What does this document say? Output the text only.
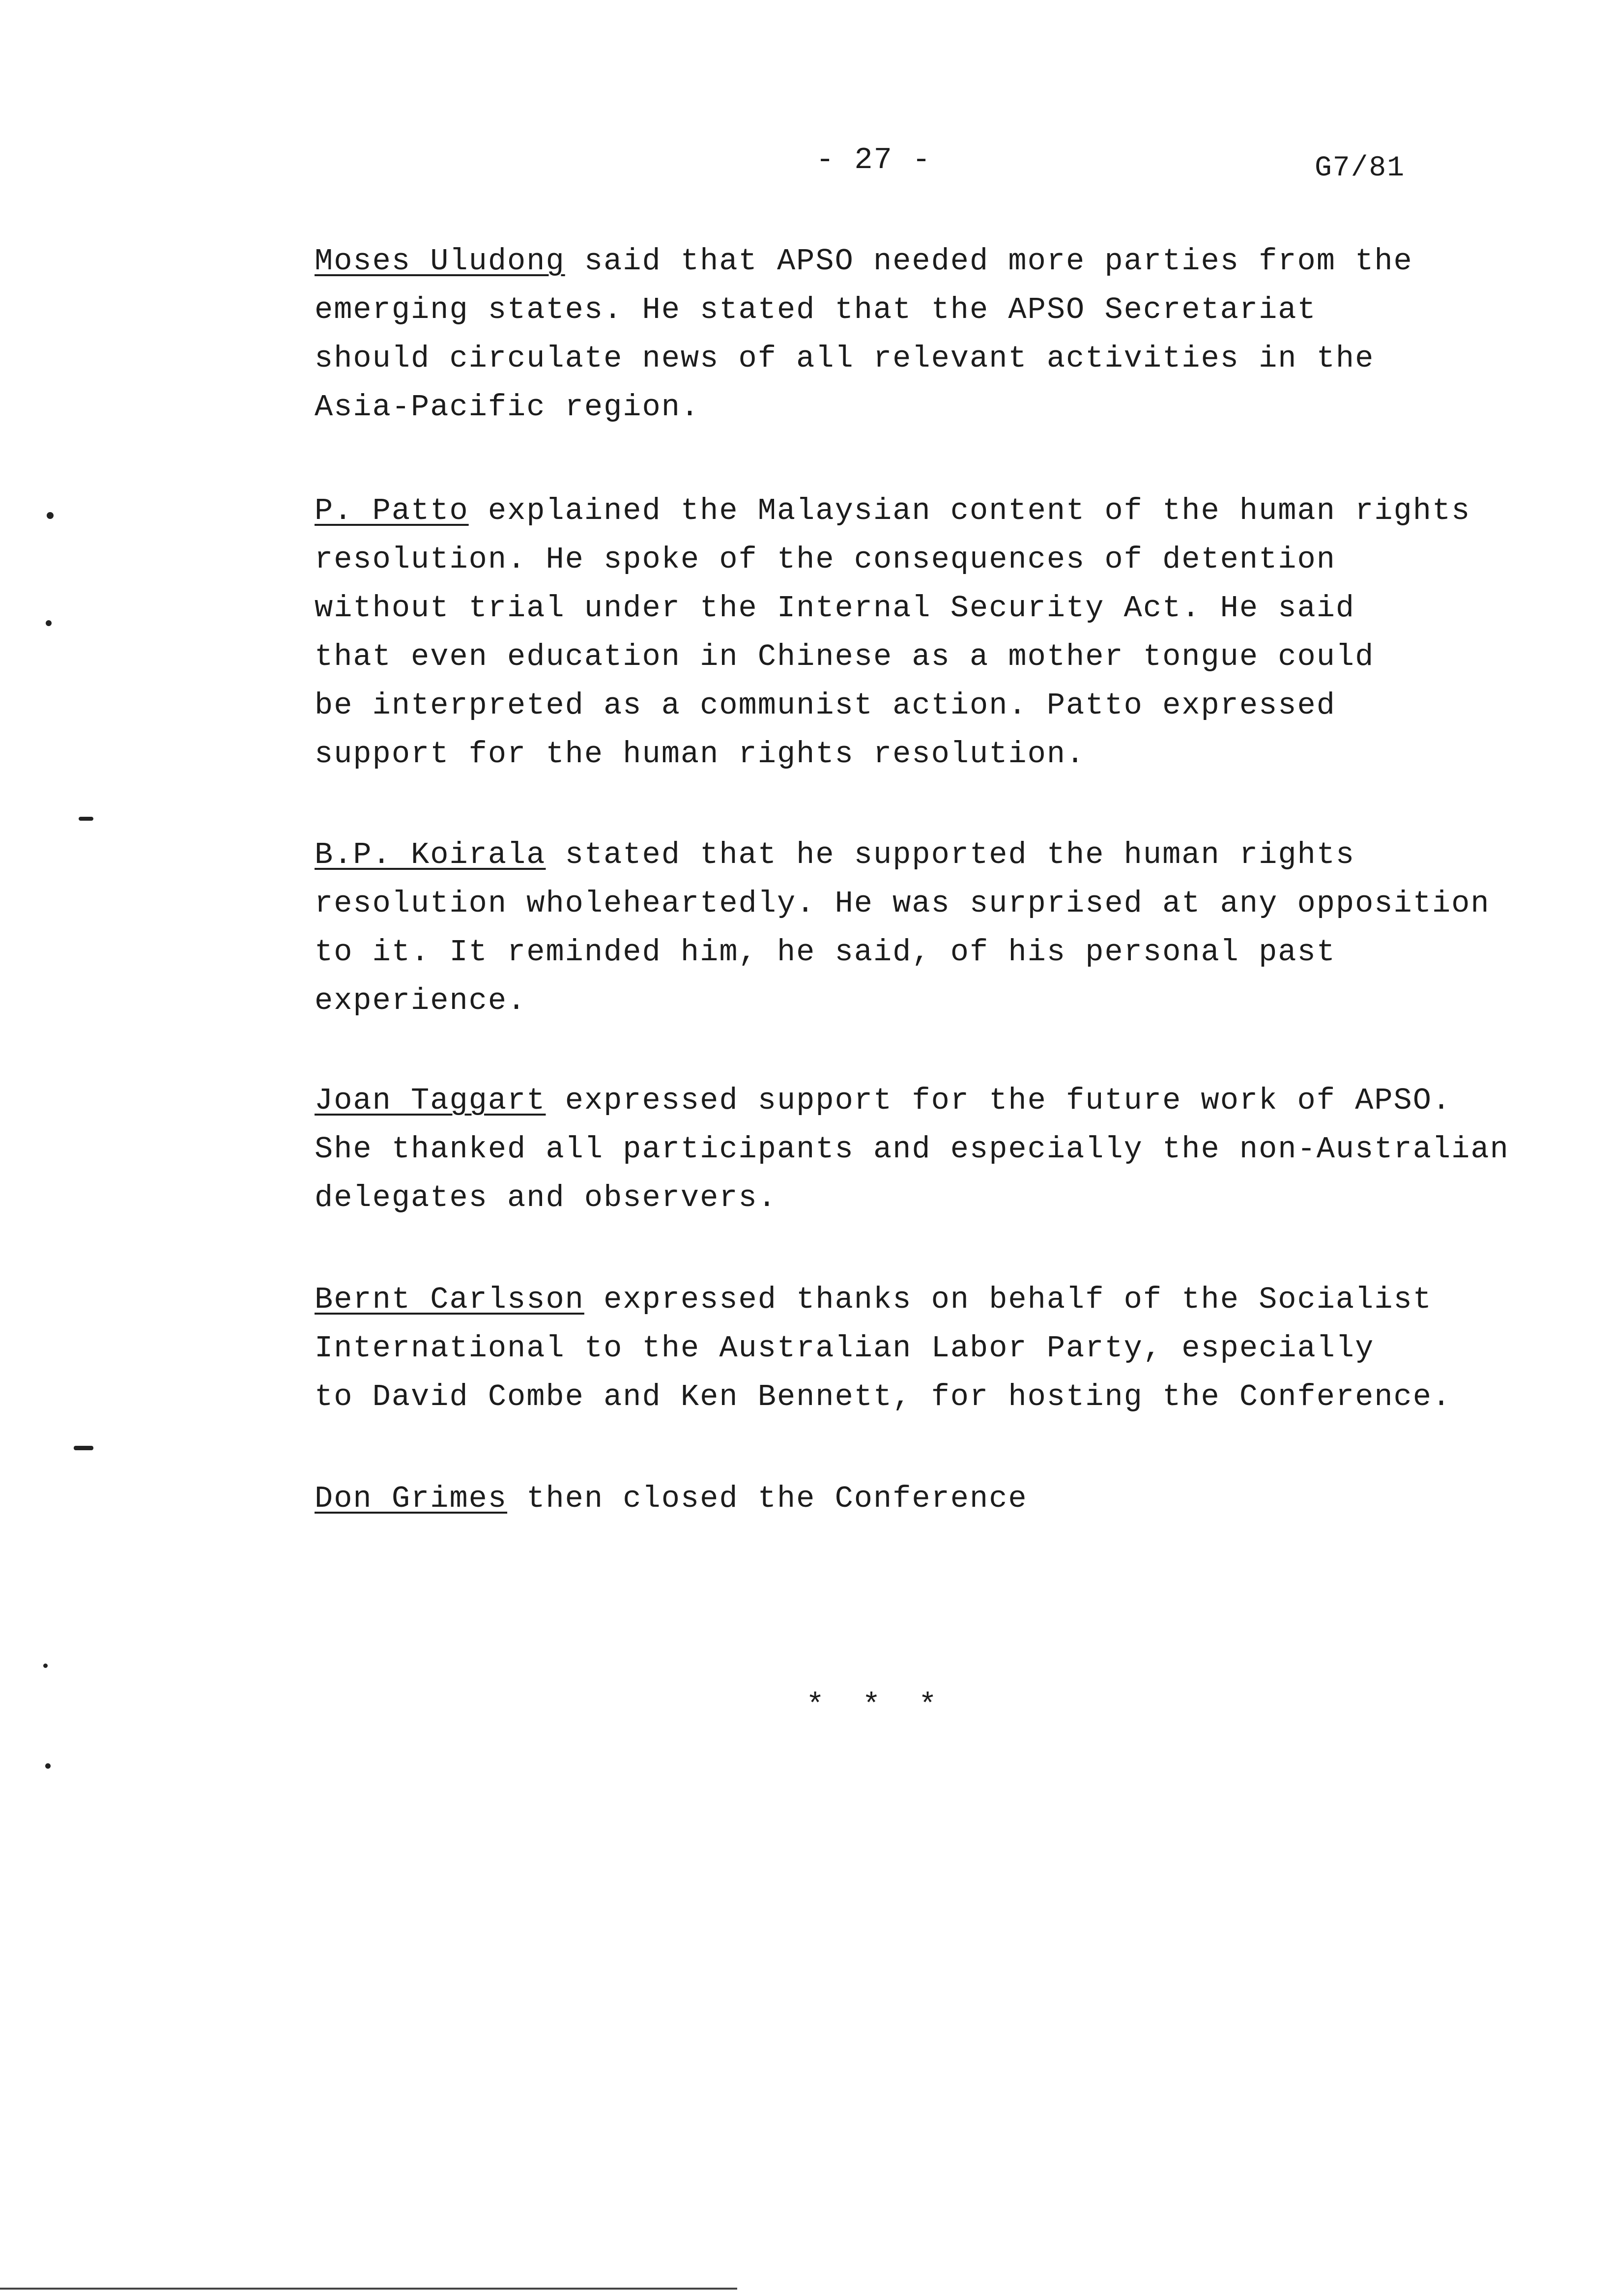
- 27 -	G7/81

Moses Uludong said that APSO needed more parties from the
emerging states. He stated that the APSO Secretariat
should circulate news of all relevant activities in the
Asia-Pacific region.

P. Patto explained the Malaysian content of the human rights
resolution. He spoke of the consequences of detention
without trial under the Internal Security Act. He said
that even education in Chinese as a mother tongue could
be interpreted as a communist action. Patto expressed
support for the human rights resolution.

B.P. Koirala stated that he supported the human rights
resolution wholeheartedly. He was surprised at any opposition
to it. It reminded him, he said, of his personal past
experience.

Joan Taggart expressed support for the future work of APSO.
She thanked all participants and especially the non-Australian
delegates and observers.

Bernt Carlsson expressed thanks on behalf of the Socialist
International to the Australian Labor Party, especially
to David Combe and Ken Bennett, for hosting the Conference.

Don Grimes then closed the Conference

* * *
